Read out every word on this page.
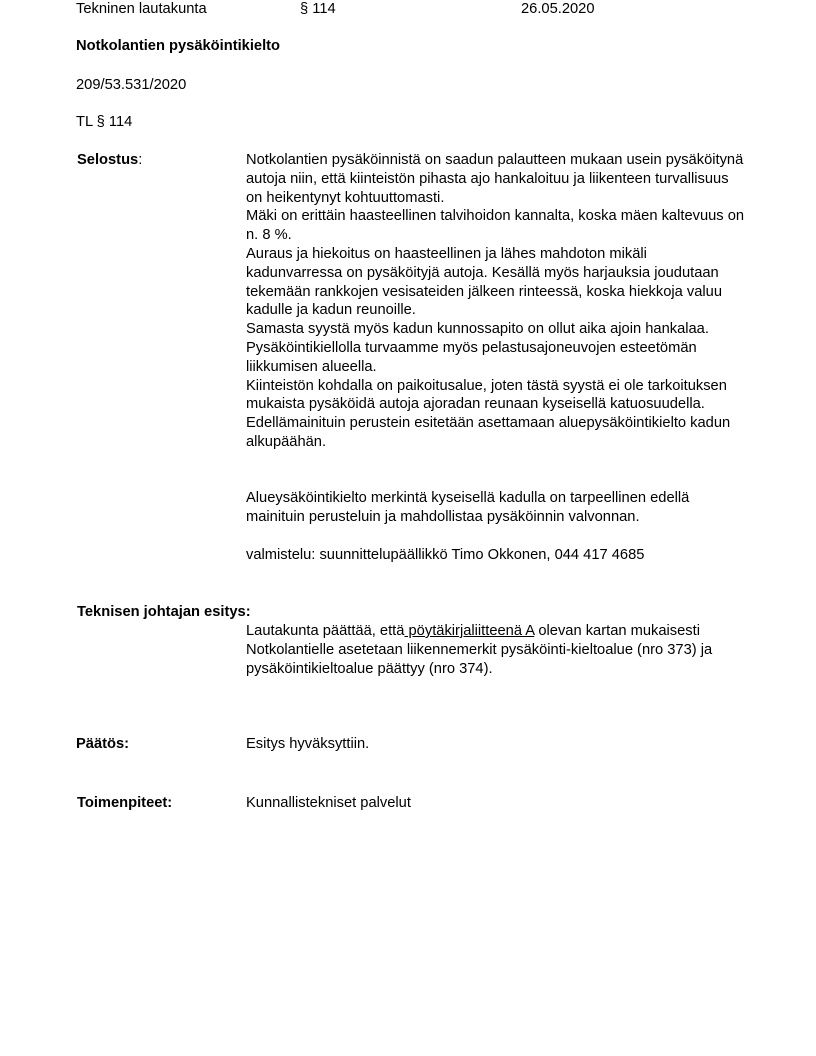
Tekninen lautakunta	§ 114	26.05.2020
Notkolantien pysäköintikielto
209/53.531/2020
TL § 114
Selostus:	Notkolantien pysäköinnistä on saadun palautteen mukaan usein pysäköitynä autoja niin, että kiinteistön pihasta ajo hankaloituu ja liikenteen turvallisuus on heikentynyt kohtuuttomasti.

Mäki on erittäin haasteellinen talvihoidon kannalta, koska mäen kaltevuus on n. 8 %.

Auraus ja hiekoitus on haasteellinen ja lähes mahdoton mikäli kadunvarressa on pysäköityjä autoja. Kesällä myös harjauksia joudutaan tekemään rankkojen vesisateiden jälkeen rinteessä, koska hiekkoja valuu kadulle ja kadun reunoille.

Samasta syystä myös kadun kunnossapito on ollut aika ajoin hankalaa. Pysäköintikiellolla turvaamme myös pelastusajoneuvojen esteetömän liikkumisen alueella.

Kiinteistön kohdalla on paikoitusalue, joten tästä syystä ei ole tarkoituksen mukaista pysäköidä autoja ajoradan reunaan kyseisellä katuosuudella.

Edellämainituin perustein esitetään asettamaan aluepysäköintikielto kadun alkupäähän.

Alueysäköintikielto merkintä kyseisellä kadulla on tarpeellinen edellä mainituin perusteluin ja mahdollistaa pysäköinnin valvonnan.
valmistelu: suunnittelupäällikkö Timo Okkonen, 044 417 4685
Teknisen johtajan esitys:
Lautakunta päättää, että pöytäkirjaliitteenä A olevan kartan mukaisesti Notkolantielle asetetaan liikennemerkit pysäköinti-kieltoalue (nro 373) ja pysäköintikieltoalue päättyy (nro 374).
Päätös:	Esitys hyväksyttiin.
Toimenpiteet:	Kunnallistekniset palvelut
